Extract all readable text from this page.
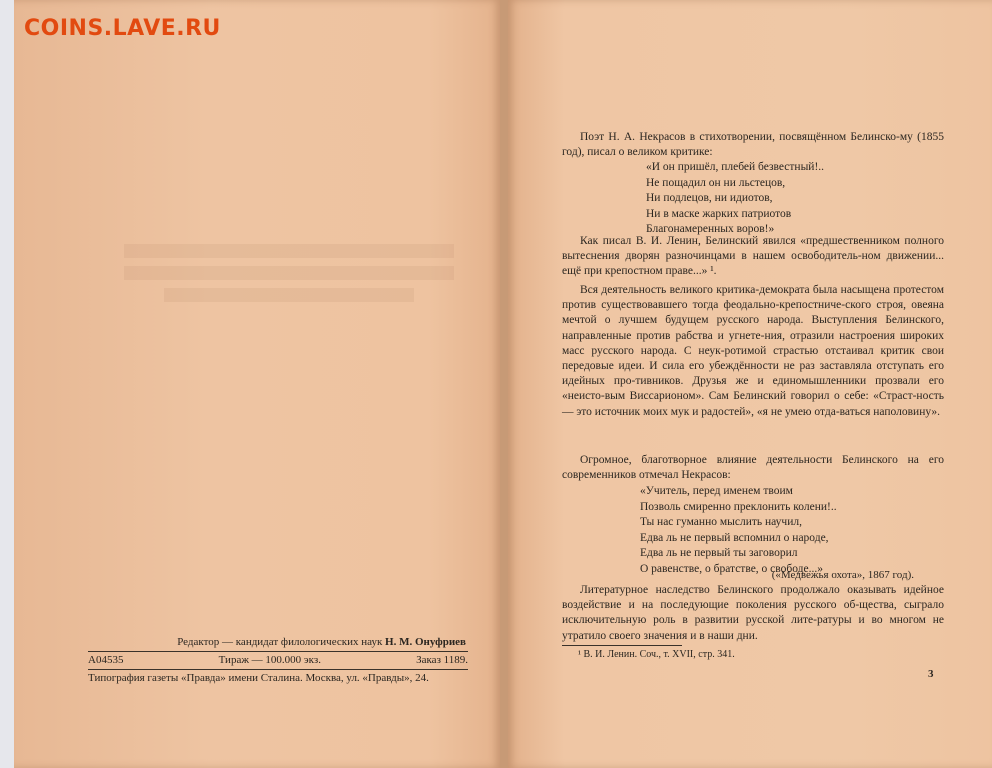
COINS.LAVE.RU
Редактор — кандидат филологических наук Н. М. Онуфриев
А04535	Тираж — 100.000 экз.	Заказ 1189.
Типография газеты «Правда» имени Сталина. Москва, ул. «Правды», 24.

Поэт Н. А. Некрасов в стихотворении, посвящённом Белинско-му (1855 год), писал о великом критике:

«И он пришёл, плебей безвестный!..
Не пощадил он ни льстецов,
Ни подлецов, ни идиотов,
Ни в маске жарких патриотов
Благонамеренных воров!»

Как писал В. И. Ленин, Белинский явился «предшественником полного вытеснения дворян разночинцами в нашем освободитель-ном движении... ещё при крепостном праве...» ¹.

Вся деятельность великого критика-демократа была насыщена протестом против существовавшего тогда феодально-крепостниче-ского строя, овеяна мечтой о лучшем будущем русского народа. Выступления Белинского, направленные против рабства и угнете-ния, отразили настроения широких масс русского народа. С неук-ротимой страстью отстаивал критик свои передовые идеи. И сила его убеждённости не раз заставляла отступать его идейных про-тивников. Друзья же и единомышленники прозвали его «неисто-вым Виссарионом». Сам Белинский говорил о себе: «Страст-ность — это источник моих мук и радостей», «я не умею отда-ваться наполовину».

Огромное, благотворное влияние деятельности Белинского на его современников отмечал Некрасов:

«Учитель, перед именем твоим
Позволь смиренно преклонить колени!..
Ты нас гуманно мыслить научил,
Едва ль не первый вспомнил о народе,
Едва ль не первый ты заговорил
О равенстве, о братстве, о свободе...»
(«Медвежья охота», 1867 год).

Литературное наследство Белинского продолжало оказывать идейное воздействие и на последующие поколения русского об-щества, сыграло исключительную роль в развитии русской лите-ратуры и во многом не утратило своего значения и в наши дни.

¹ В. И. Ленин. Соч., т. XVII, стр. 341.
3
